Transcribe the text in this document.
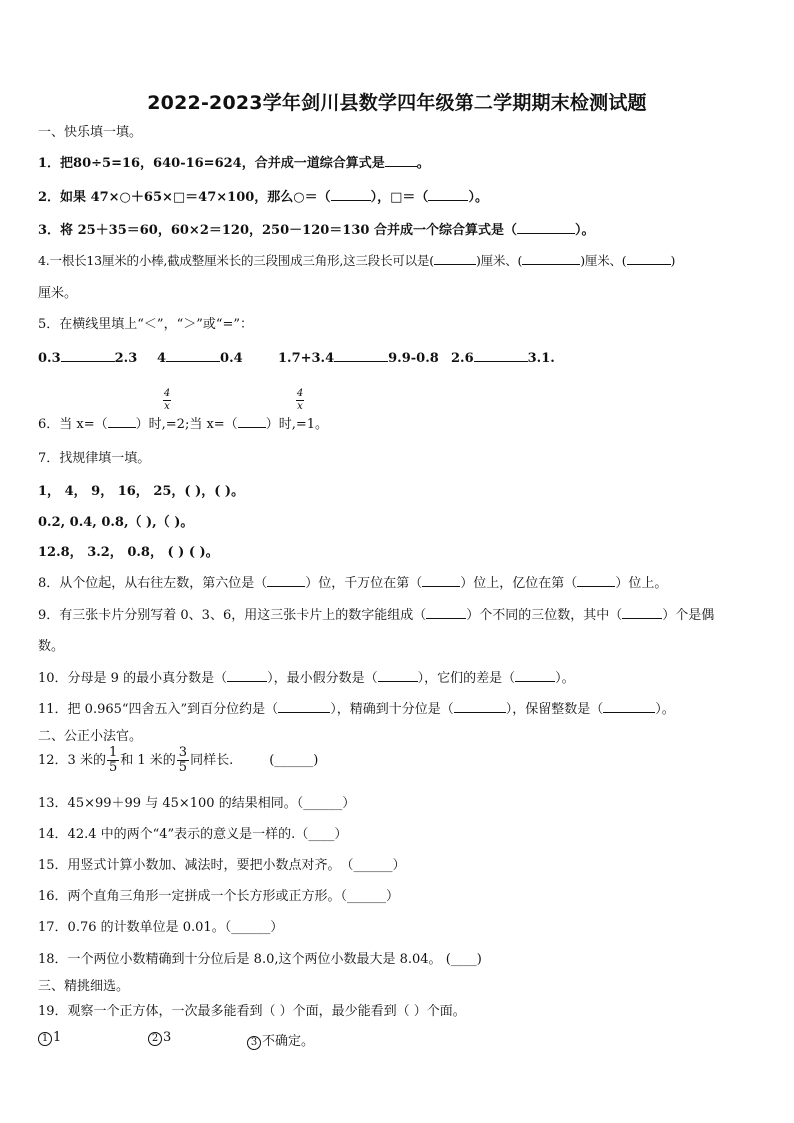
2022-2023学年剑川县数学四年级第二学期期末检测试题
一、快乐填一填。
1．把80÷5=16，640-16=624，合并成一道综合算式是 。
2．如果 47×○＋65×□＝47×100，那么○＝（	），□＝（	）。
3．将 25＋35＝60，60×2＝120，250－120＝130 合并成一个综合算式是（	）。
4.一根长13厘米的小棒,截成整厘米长的三段围成三角形,这三段长可以是(	)厘米、(	)厘米、(	)
厘米。
5．在横线里填上“＜”，“＞”或“=”：
0.3	2.3 4	0.4	1.7+3.4	9.9-0.8 2.6	3.1.
4
x
4
x
6．当 x=（ ）时,=2;当 x=（ ）时,=1。
7．找规律填一填。
1， 4， 9， 16， 25，( )，( )。
0.2, 0.4, 0.8,（ ),（ )。
12.8， 3.2， 0.8， ( ) ( )。
8．从个位起，从右往左数，第六位是（	）位，千万位在第（	）位上，亿位在第（	）位上。
9．有三张卡片分别写着 0、3、6，用这三张卡片上的数字能组成（	）个不同的三位数，其中（	）个是偶
数。
10．分母是 9 的最小真分数是（	），最小假分数是（	），它们的差是（	）。
11．把 0.965“四舍五入”到百分位约是（	），精确到十分位是（	），保留整数是（	）。
二、公正小法官。
12．3 米的 $\frac{1}{5}$ 和 1 米的 $\frac{3}{5}$ 同样长.	(______)
13．45×99＋99 与 45×100 的结果相同。（______）
14．42.4 中的两个“4”表示的意义是一样的.（____）
15．用竖式计算小数加、减法时，要把小数点对齐。　（______）
16．两个直角三角形一定拼成一个长方形或正方形。（______）
17．0.76 的计数单位是 0.01。（______）
18．一个两位小数精确到十分位后是 8.0,这个两位小数最大是 8.04。 (____)
三、精挑细选。
19．观察一个正方体，一次最多能看到（ ）个面，最少能看到（ ）个面。
1 1	2 3	3 不确定。
